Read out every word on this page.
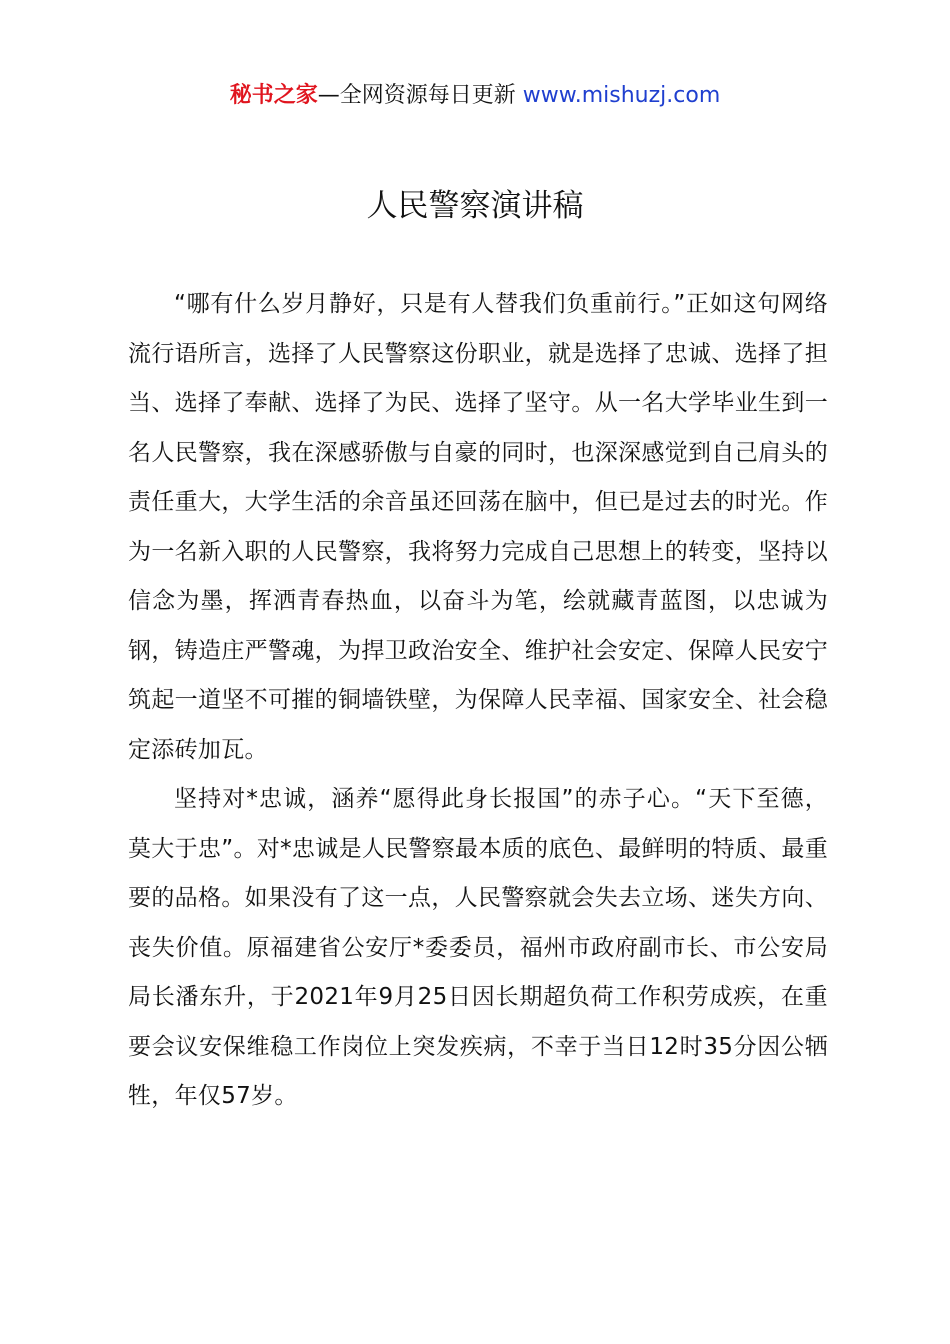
秘书之家—全网资源每日更新 www.mishuzj.com
人民警察演讲稿

“哪有什么岁月静好，只是有人替我们负重前行。”正如这句网络流行语所言，选择了人民警察这份职业，就是选择了忠诚、选择了担当、选择了奉献、选择了为民、选择了坚守。从一名大学毕业生到一名人民警察，我在深感骄傲与自豪的同时，也深深感觉到自己肩头的责任重大，大学生活的余音虽还回荡在脑中，但已是过去的时光。作为一名新入职的人民警察，我将努力完成自己思想上的转变，坚持以信念为墨，挥洒青春热血，以奋斗为笔，绘就藏青蓝图，以忠诚为钢，铸造庄严警魂，为捍卫政治安全、维护社会安定、保障人民安宁筑起一道坚不可摧的铜墙铁壁，为保障人民幸福、国家安全、社会稳定添砖加瓦。

坚持对*忠诚，涵养“愿得此身长报国”的赤子心。“天下至德，莫大于忠”。对*忠诚是人民警察最本质的底色、最鲜明的特质、最重要的品格。如果没有了这一点，人民警察就会失去立场、迷失方向、丧失价值。原福建省公安厅*委委员，福州市政府副市长、市公安局局长潘东升，于2021年9月25日因长期超负荷工作积劳成疾，在重要会议安保维稳工作岗位上突发疾病，不幸于当日12时35分因公牺牲，年仅57岁。
